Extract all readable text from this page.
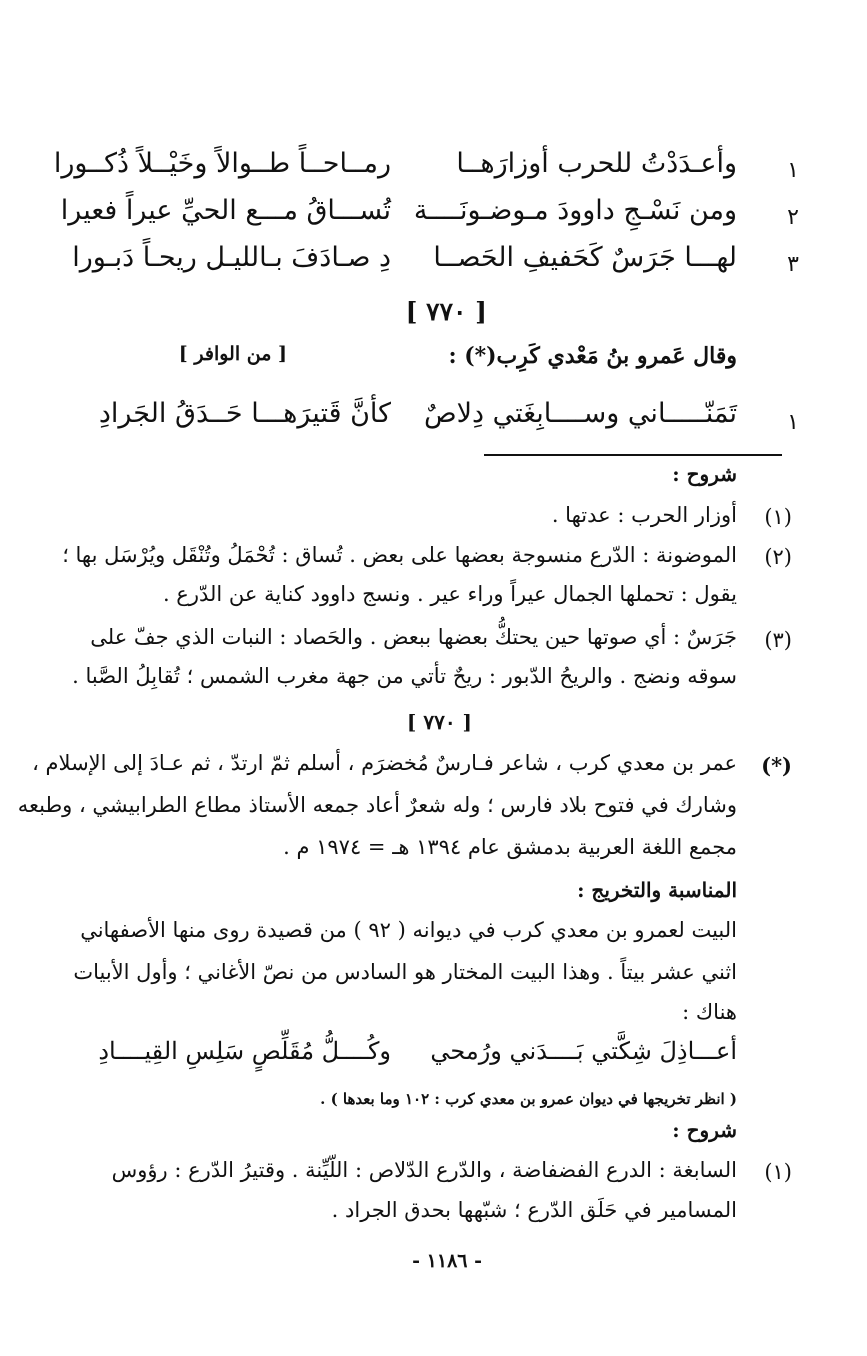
١
وأعـدَدْتُ للحرب أوزارَهــا
رمــاحــاً طــوالاً وخَيْــلاً ذُكــورا
٢
ومن نَسْـجِ داوودَ مـوضـونَــــة
تُســـاقُ مـــع الحيِّ عيراً فعيرا
٣
لهـــا جَرَسٌ كَحَفيفِ الحَصــا
دِ صـادَفَ بـالليـل ريحـاً دَبـورا
[ ٧٧٠ ]
وقال عَمرو بنُ مَعْدي كَرِب(*) :
[ من الوافر ]
١
تَمَنّـــــاني وســــابِغَتي دِلاصٌ
كأنَّ قَتيرَهـــا حَــدَقُ الجَرادِ
شروح :
(١)
أوزار الحرب : عدتها .
(٢)
الموضونة : الدّرع منسوجة بعضها على بعض . تُساق : تُحْمَلُ وتُنْقَل ويُرْسَل بها ؛
يقول : تحملها الجمال عيراً وراء عير . ونسج داوود كناية عن الدّرع .
(٣)
جَرَسٌ : أي صوتها حين يحتكُّ بعضها ببعض . والحَصاد : النبات الذي جفّ على
سوقه ونضج . والريحُ الدّبور : ريحٌ تأتي من جهة مغرب الشمس ؛ تُقابِلُ الصَّبا .
[ ٧٧٠ ]
(*)
عمر بن معدي كرب ، شاعر فـارسٌ مُخضرَم ، أسلم ثمّ ارتدّ ، ثم عـادَ إلى الإسلام ،
وشارك في فتوح بلاد فارس ؛ وله شعرٌ أعاد جمعه الأستاذ مطاع الطرابيشي ، وطبعه
مجمع اللغة العربية بدمشق عام ١٣٩٤ هـ = ١٩٧٤ م .
المناسبة والتخريج :
البيت لعمرو بن معدي كرب في ديوانه ( ٩٢ ) من قصيدة روى منها الأصفهاني
اثني عشر بيتاً . وهذا البيت المختار هو السادس من نصّ الأغاني ؛ وأول الأبيات
هناك :
أعـــاذِلَ شِكَّتي بَــــدَني ورُمحي
وكُــــلُّ مُقَلِّصٍ سَلِسِ القِيــــادِ
( انظر تخريجها في ديوان عمرو بن معدي كرب : ١٠٢ وما بعدها ) .
شروح :
(١)
السابغة : الدرع الفضفاضة ، والدّرع الدّلاص : اللّيِّنة . وقتيرُ الدّرع : رؤوس
المسامير في حَلَق الدّرع ؛ شبّهها بحدق الجراد .
- ١١٨٦ -
